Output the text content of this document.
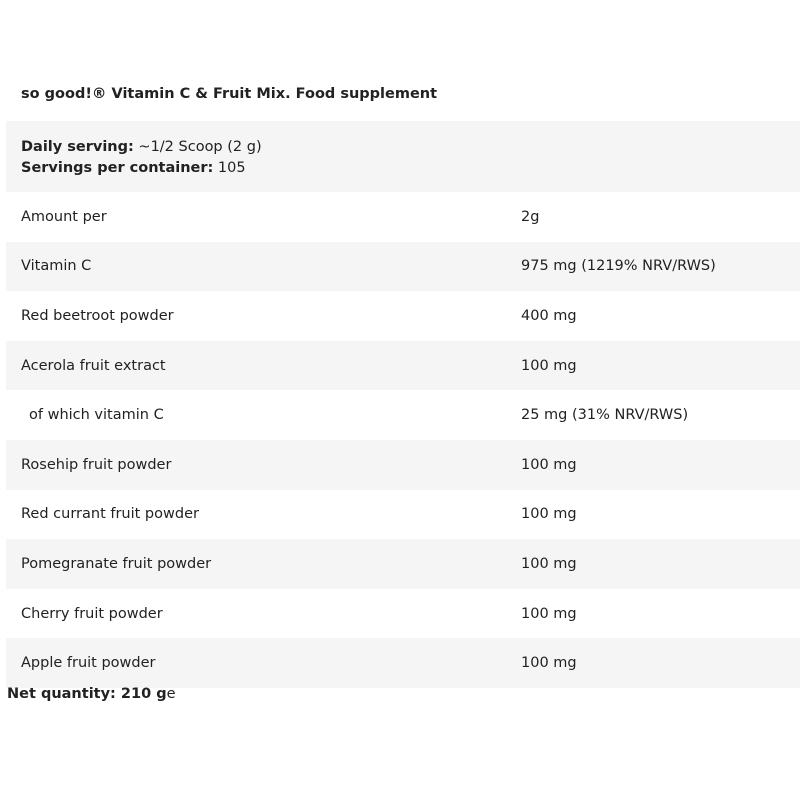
so good!® Vitamin C & Fruit Mix. Food supplement
Daily serving: ~1/2 Scoop (2 g)
Servings per container: 105
Amount per	2g
Vitamin C	975 mg (1219% NRV/RWS)
Red beetroot powder	400 mg
Acerola fruit extract	100 mg
of which vitamin C	25 mg (31% NRV/RWS)
Rosehip fruit powder	100 mg
Red currant fruit powder	100 mg
Pomegranate fruit powder	100 mg
Cherry fruit powder	100 mg
Apple fruit powder	100 mg
Net quantity: 210 ge
